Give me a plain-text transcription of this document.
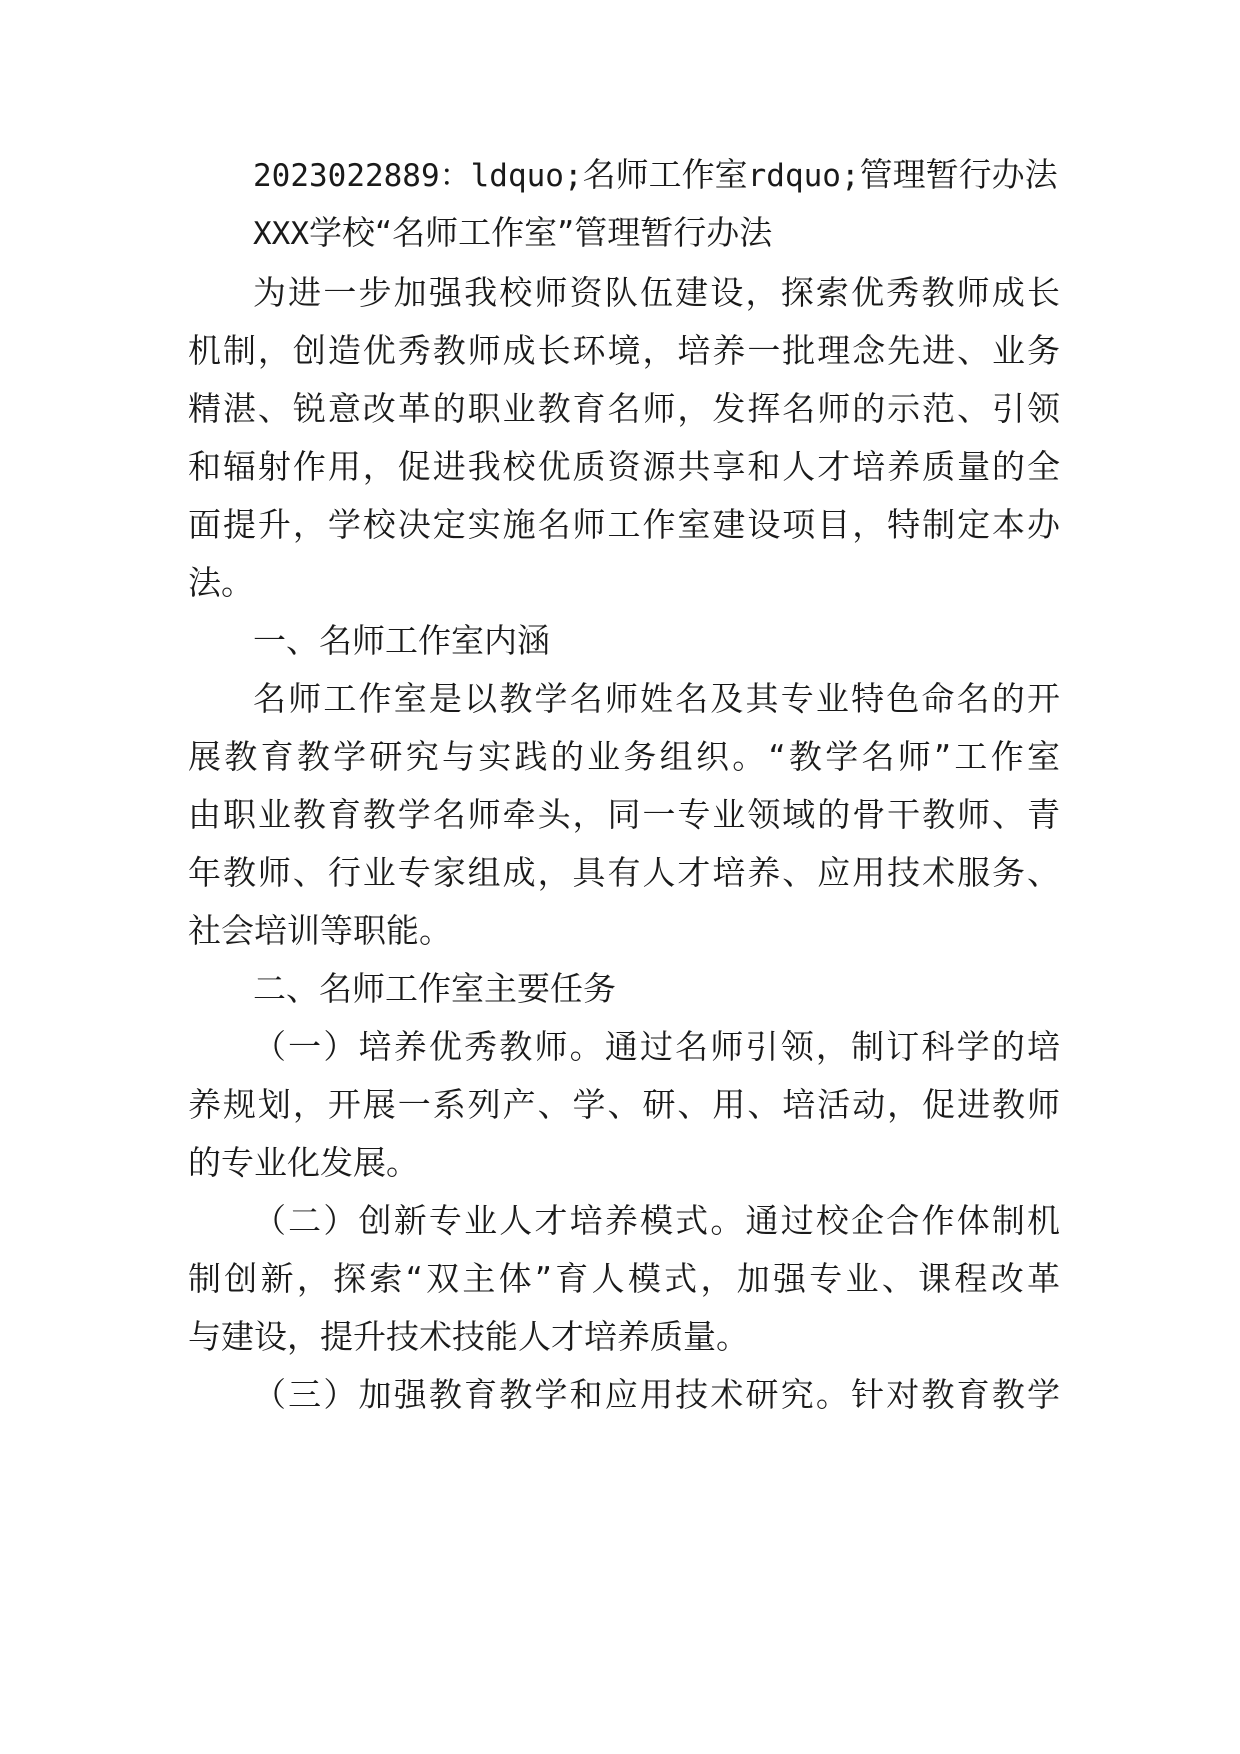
2023022889：ldquo;名师工作室rdquo;管理暂行办法

XXX学校“名师工作室”管理暂行办法

为进一步加强我校师资队伍建设，探索优秀教师成长

机制，创造优秀教师成长环境，培养一批理念先进、业务

精湛、锐意改革的职业教育名师，发挥名师的示范、引领

和辐射作用，促进我校优质资源共享和人才培养质量的全

面提升，学校决定实施名师工作室建设项目，特制定本办

法。

一、名师工作室内涵

名师工作室是以教学名师姓名及其专业特色命名的开

展教育教学研究与实践的业务组织。“教学名师”工作室

由职业教育教学名师牵头，同一专业领域的骨干教师、青

年教师、行业专家组成，具有人才培养、应用技术服务、

社会培训等职能。

二、名师工作室主要任务

（一）培养优秀教师。通过名师引领，制订科学的培

养规划，开展一系列产、学、研、用、培活动，促进教师

的专业化发展。

（二）创新专业人才培养模式。通过校企合作体制机

制创新，探索“双主体”育人模式，加强专业、课程改革

与建设，提升技术技能人才培养质量。

（三）加强教育教学和应用技术研究。针对教育教学
